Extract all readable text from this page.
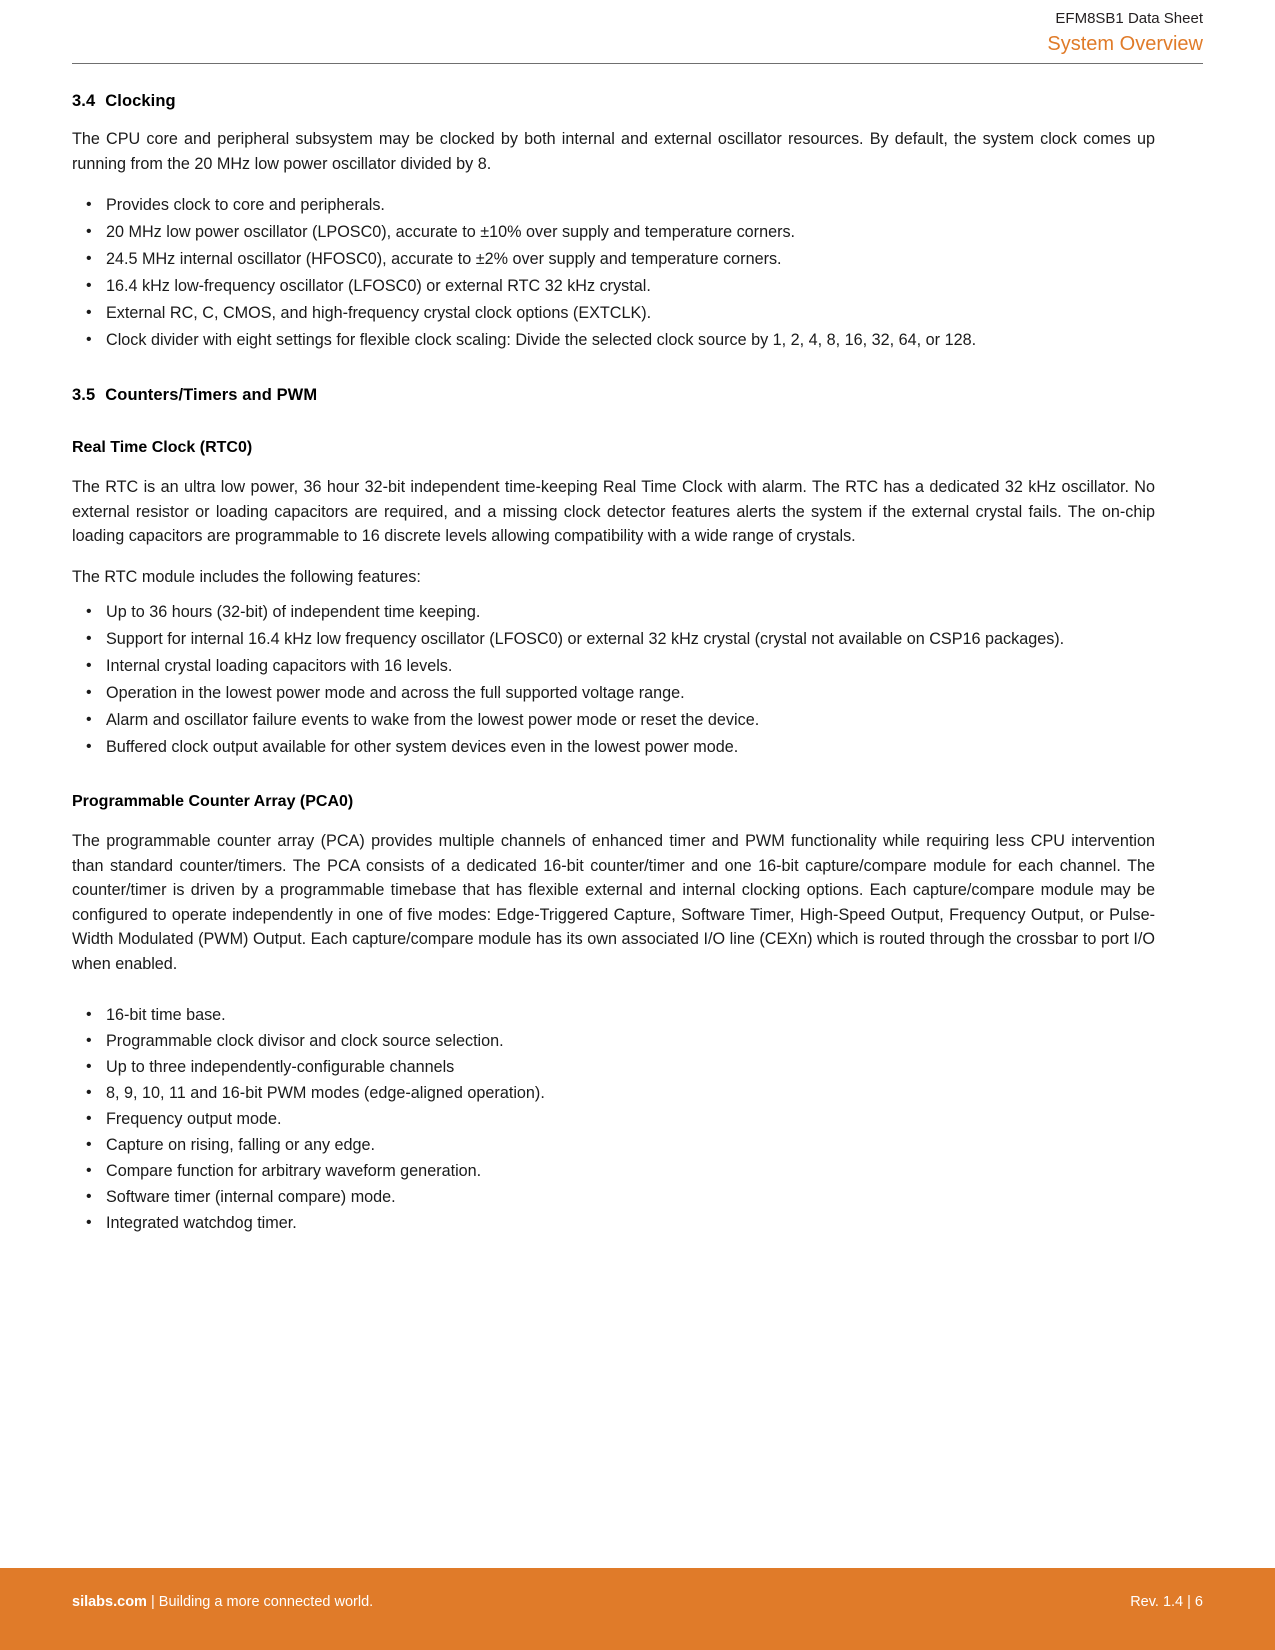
EFM8SB1 Data Sheet
System Overview
3.4 Clocking

The CPU core and peripheral subsystem may be clocked by both internal and external oscillator resources. By default, the system clock comes up running from the 20 MHz low power oscillator divided by 8.

• Provides clock to core and peripherals.
• 20 MHz low power oscillator (LPOSC0), accurate to ±10% over supply and temperature corners.
• 24.5 MHz internal oscillator (HFOSC0), accurate to ±2% over supply and temperature corners.
• 16.4 kHz low-frequency oscillator (LFOSC0) or external RTC 32 kHz crystal.
• External RC, C, CMOS, and high-frequency crystal clock options (EXTCLK).
• Clock divider with eight settings for flexible clock scaling: Divide the selected clock source by 1, 2, 4, 8, 16, 32, 64, or 128.
3.5 Counters/Timers and PWM
Real Time Clock (RTC0)

The RTC is an ultra low power, 36 hour 32-bit independent time-keeping Real Time Clock with alarm. The RTC has a dedicated 32 kHz oscillator. No external resistor or loading capacitors are required, and a missing clock detector features alerts the system if the external crystal fails. The on-chip loading capacitors are programmable to 16 discrete levels allowing compatibility with a wide range of crystals.

The RTC module includes the following features:

• Up to 36 hours (32-bit) of independent time keeping.
• Support for internal 16.4 kHz low frequency oscillator (LFOSC0) or external 32 kHz crystal (crystal not available on CSP16 packages).
• Internal crystal loading capacitors with 16 levels.
• Operation in the lowest power mode and across the full supported voltage range.
• Alarm and oscillator failure events to wake from the lowest power mode or reset the device.
• Buffered clock output available for other system devices even in the lowest power mode.
Programmable Counter Array (PCA0)

The programmable counter array (PCA) provides multiple channels of enhanced timer and PWM functionality while requiring less CPU intervention than standard counter/timers. The PCA consists of a dedicated 16-bit counter/timer and one 16-bit capture/compare module for each channel. The counter/timer is driven by a programmable timebase that has flexible external and internal clocking options. Each capture/compare module may be configured to operate independently in one of five modes: Edge-Triggered Capture, Software Timer, High-Speed Output, Frequency Output, or Pulse-Width Modulated (PWM) Output. Each capture/compare module has its own associated I/O line (CEXn) which is routed through the crossbar to port I/O when enabled.

• 16-bit time base.
• Programmable clock divisor and clock source selection.
• Up to three independently-configurable channels
• 8, 9, 10, 11 and 16-bit PWM modes (edge-aligned operation).
• Frequency output mode.
• Capture on rising, falling or any edge.
• Compare function for arbitrary waveform generation.
• Software timer (internal compare) mode.
• Integrated watchdog timer.
silabs.com | Building a more connected world.	Rev. 1.4 | 6
